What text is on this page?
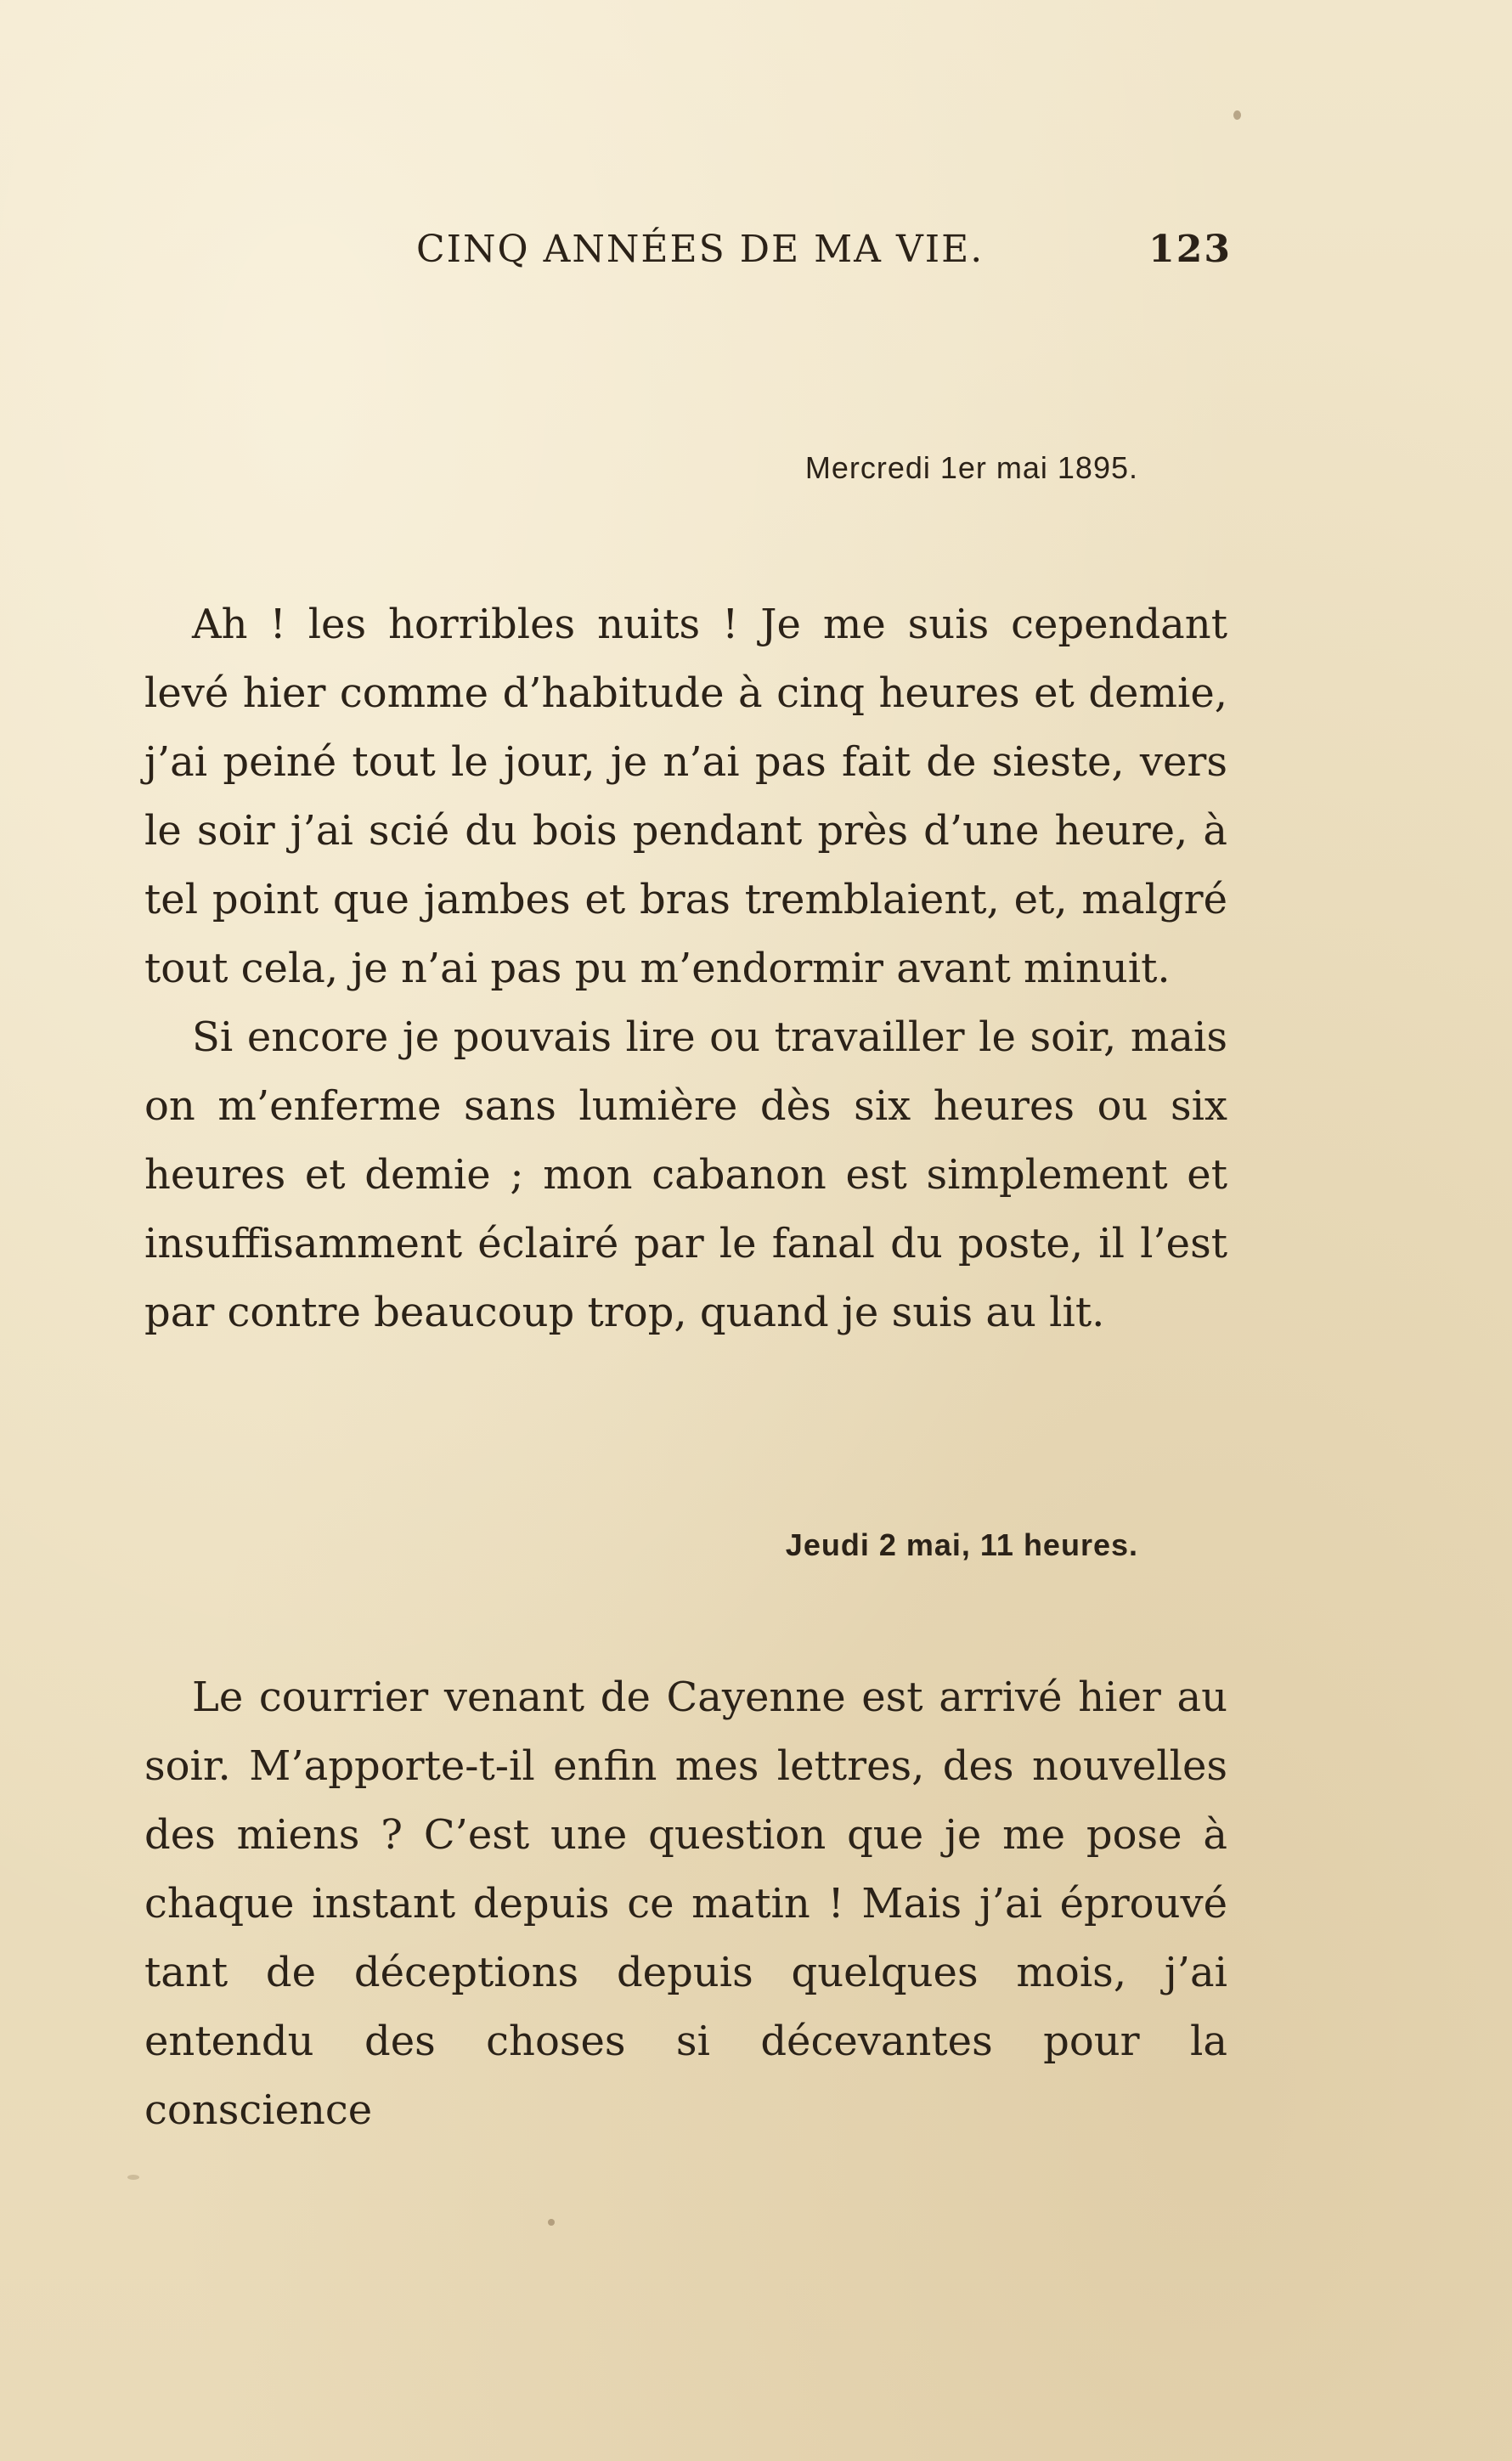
CINQ ANNÉES DE MA VIE.	123
Mercredi 1er mai 1895.

Ah ! les horribles nuits ! Je me suis cependant levé hier comme d’habitude à cinq heures et demie, j’ai peiné tout le jour, je n’ai pas fait de sieste, vers le soir j’ai scié du bois pendant près d’une heure, à tel point que jambes et bras tremblaient, et, malgré tout cela, je n’ai pas pu m’endormir avant minuit.

Si encore je pouvais lire ou travailler le soir, mais on m’enferme sans lumière dès six heures ou six heures et demie ; mon cabanon est simplement et insuffisamment éclairé par le fanal du poste, il l’est par contre beaucoup trop, quand je suis au lit.

Jeudi 2 mai, 11 heures.

Le courrier venant de Cayenne est arrivé hier au soir. M’apporte-t-il enfin mes lettres, des nouvelles des miens ? C’est une question que je me pose à chaque instant depuis ce matin ! Mais j’ai éprouvé tant de déceptions depuis quelques mois, j’ai entendu des choses si décevantes pour la conscience
